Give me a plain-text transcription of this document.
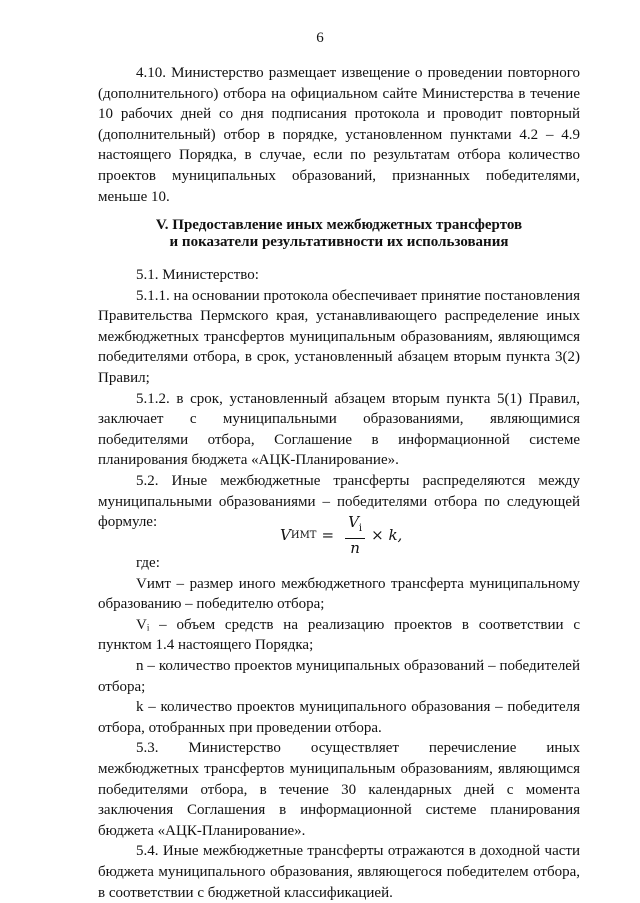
6

4.10. Министерство размещает извещение о проведении повторного (дополнительного) отбора на официальном сайте Министерства в течение 10 рабочих дней со дня подписания протокола и проводит повторный (дополнительный) отбор в порядке, установленном пунктами 4.2 – 4.9 настоящего Порядка, в случае, если по результатам отбора количество проектов муниципальных образований, признанных победителями, меньше 10.

V. Предоставление иных межбюджетных трансфертов

и показатели результативности их использования

5.1. Министерство:

5.1.1. на основании протокола обеспечивает принятие постановления Правительства Пермского края, устанавливающего распределение иных межбюджетных трансфертов муниципальным образованиям, являющимся победителями отбора, в срок, установленный абзацем вторым пункта 3(2) Правил;

5.1.2. в срок, установленный абзацем вторым пункта 5(1) Правил, заключает с муниципальными образованиями, являющимися победителями отбора, Соглашение в информационной системе планирования бюджета «АЦК-Планирование».

5.2. Иные межбюджетные трансферты распределяются между муниципальными образованиями – победителями отбора по следующей формуле:

V ИМТ = $\frac{V_i}{n} \times k$,

где:

Vимт – размер иного межбюджетного трансферта муниципальному образованию – победителю отбора;

Vᵢ – объем средств на реализацию проектов в соответствии с пунктом 1.4 настоящего Порядка;

n – количество проектов муниципальных образований – победителей отбора;

k – количество проектов муниципального образования – победителя отбора, отобранных при проведении отбора.

5.3. Министерство осуществляет перечисление иных межбюджетных трансфертов муниципальным образованиям, являющимся победителями отбора, в течение 30 календарных дней с момента заключения Соглашения в информационной системе планирования бюджета «АЦК-Планирование».

5.4. Иные межбюджетные трансферты отражаются в доходной части бюджета муниципального образования, являющегося победителем отбора, в соответствии с бюджетной классификацией.
